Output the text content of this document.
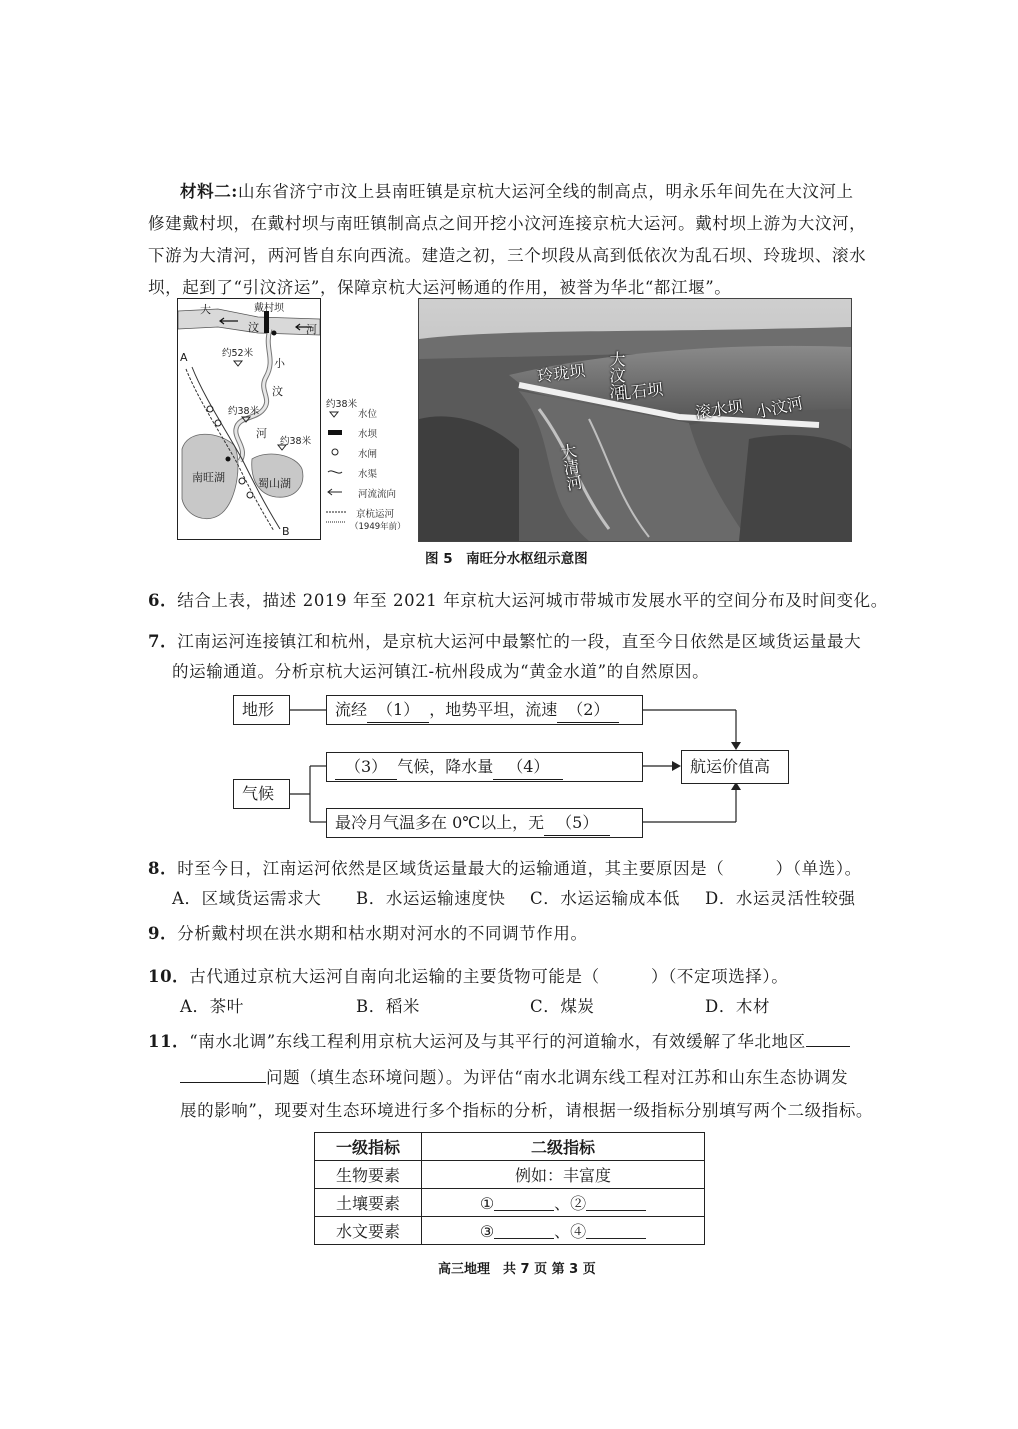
材料二:山东省济宁市汶上县南旺镇是京杭大运河全线的制高点，明永乐年间先在大汶河上
修建戴村坝，在戴村坝与南旺镇制高点之间开挖小汶河连接京杭大运河。戴村坝上游为大汶河，
下游为大清河，两河皆自东向西流。建造之初，三个坝段从高到低依次为乱石坝、玲珑坝、滚水
坝，起到了“引汶济运”，保障京杭大运河畅通的作用，被誉为华北“都江堰”。
大
汶	河
戴村坝
小
汶
河
约52米
约38米
约38米
A
B
南旺湖	蜀山湖
约38米
水位
水坝
水闸
水渠
河流流向
京杭运河
（1949年前）
玲珑坝 大汶河
乱石坝
滚水坝 小汶河
大清河
图 5　南旺分水枢纽示意图
6．结合上表，描述 2019 年至 2021 年京杭大运河城市带城市发展水平的空间分布及时间变化。
7．江南运河连接镇江和杭州，是京杭大运河中最繁忙的一段，直至今日依然是区域货运量最大
的运输通道。分析京杭大运河镇江-杭州段成为“黄金水道”的自然原因。
地形	流经 （1） ，地势平坦，流速 （2）
气候
（3） 气候，降水量 （4）
最冷月气温多在 0℃以上，无 （5）
航运价值高
8．时至今日，江南运河依然是区域货运量最大的运输通道，其主要原因是（　　　）（单选）。
A．区域货运需求大 B．水运运输速度快 C．水运运输成本低 D．水运灵活性较强
9．分析戴村坝在洪水期和枯水期对河水的不同调节作用。
10．古代通过京杭大运河自南向北运输的主要货物可能是（　　　）（不定项选择）。
A．茶叶	B．稻米	C．煤炭	D．木材
11．“南水北调”东线工程利用京杭大运河及与其平行的河道输水，有效缓解了华北地区
问题（填生态环境问题）。为评估“南水北调东线工程对江苏和山东生态协调发
展的影响”，现要对生态环境进行多个指标的分析，请根据一级指标分别填写两个二级指标。
一级指标	二级指标
生物要素	例如：丰富度
土壤要素	① 、②
水文要素	③ 、④
高三地理　共 7 页 第 3 页
